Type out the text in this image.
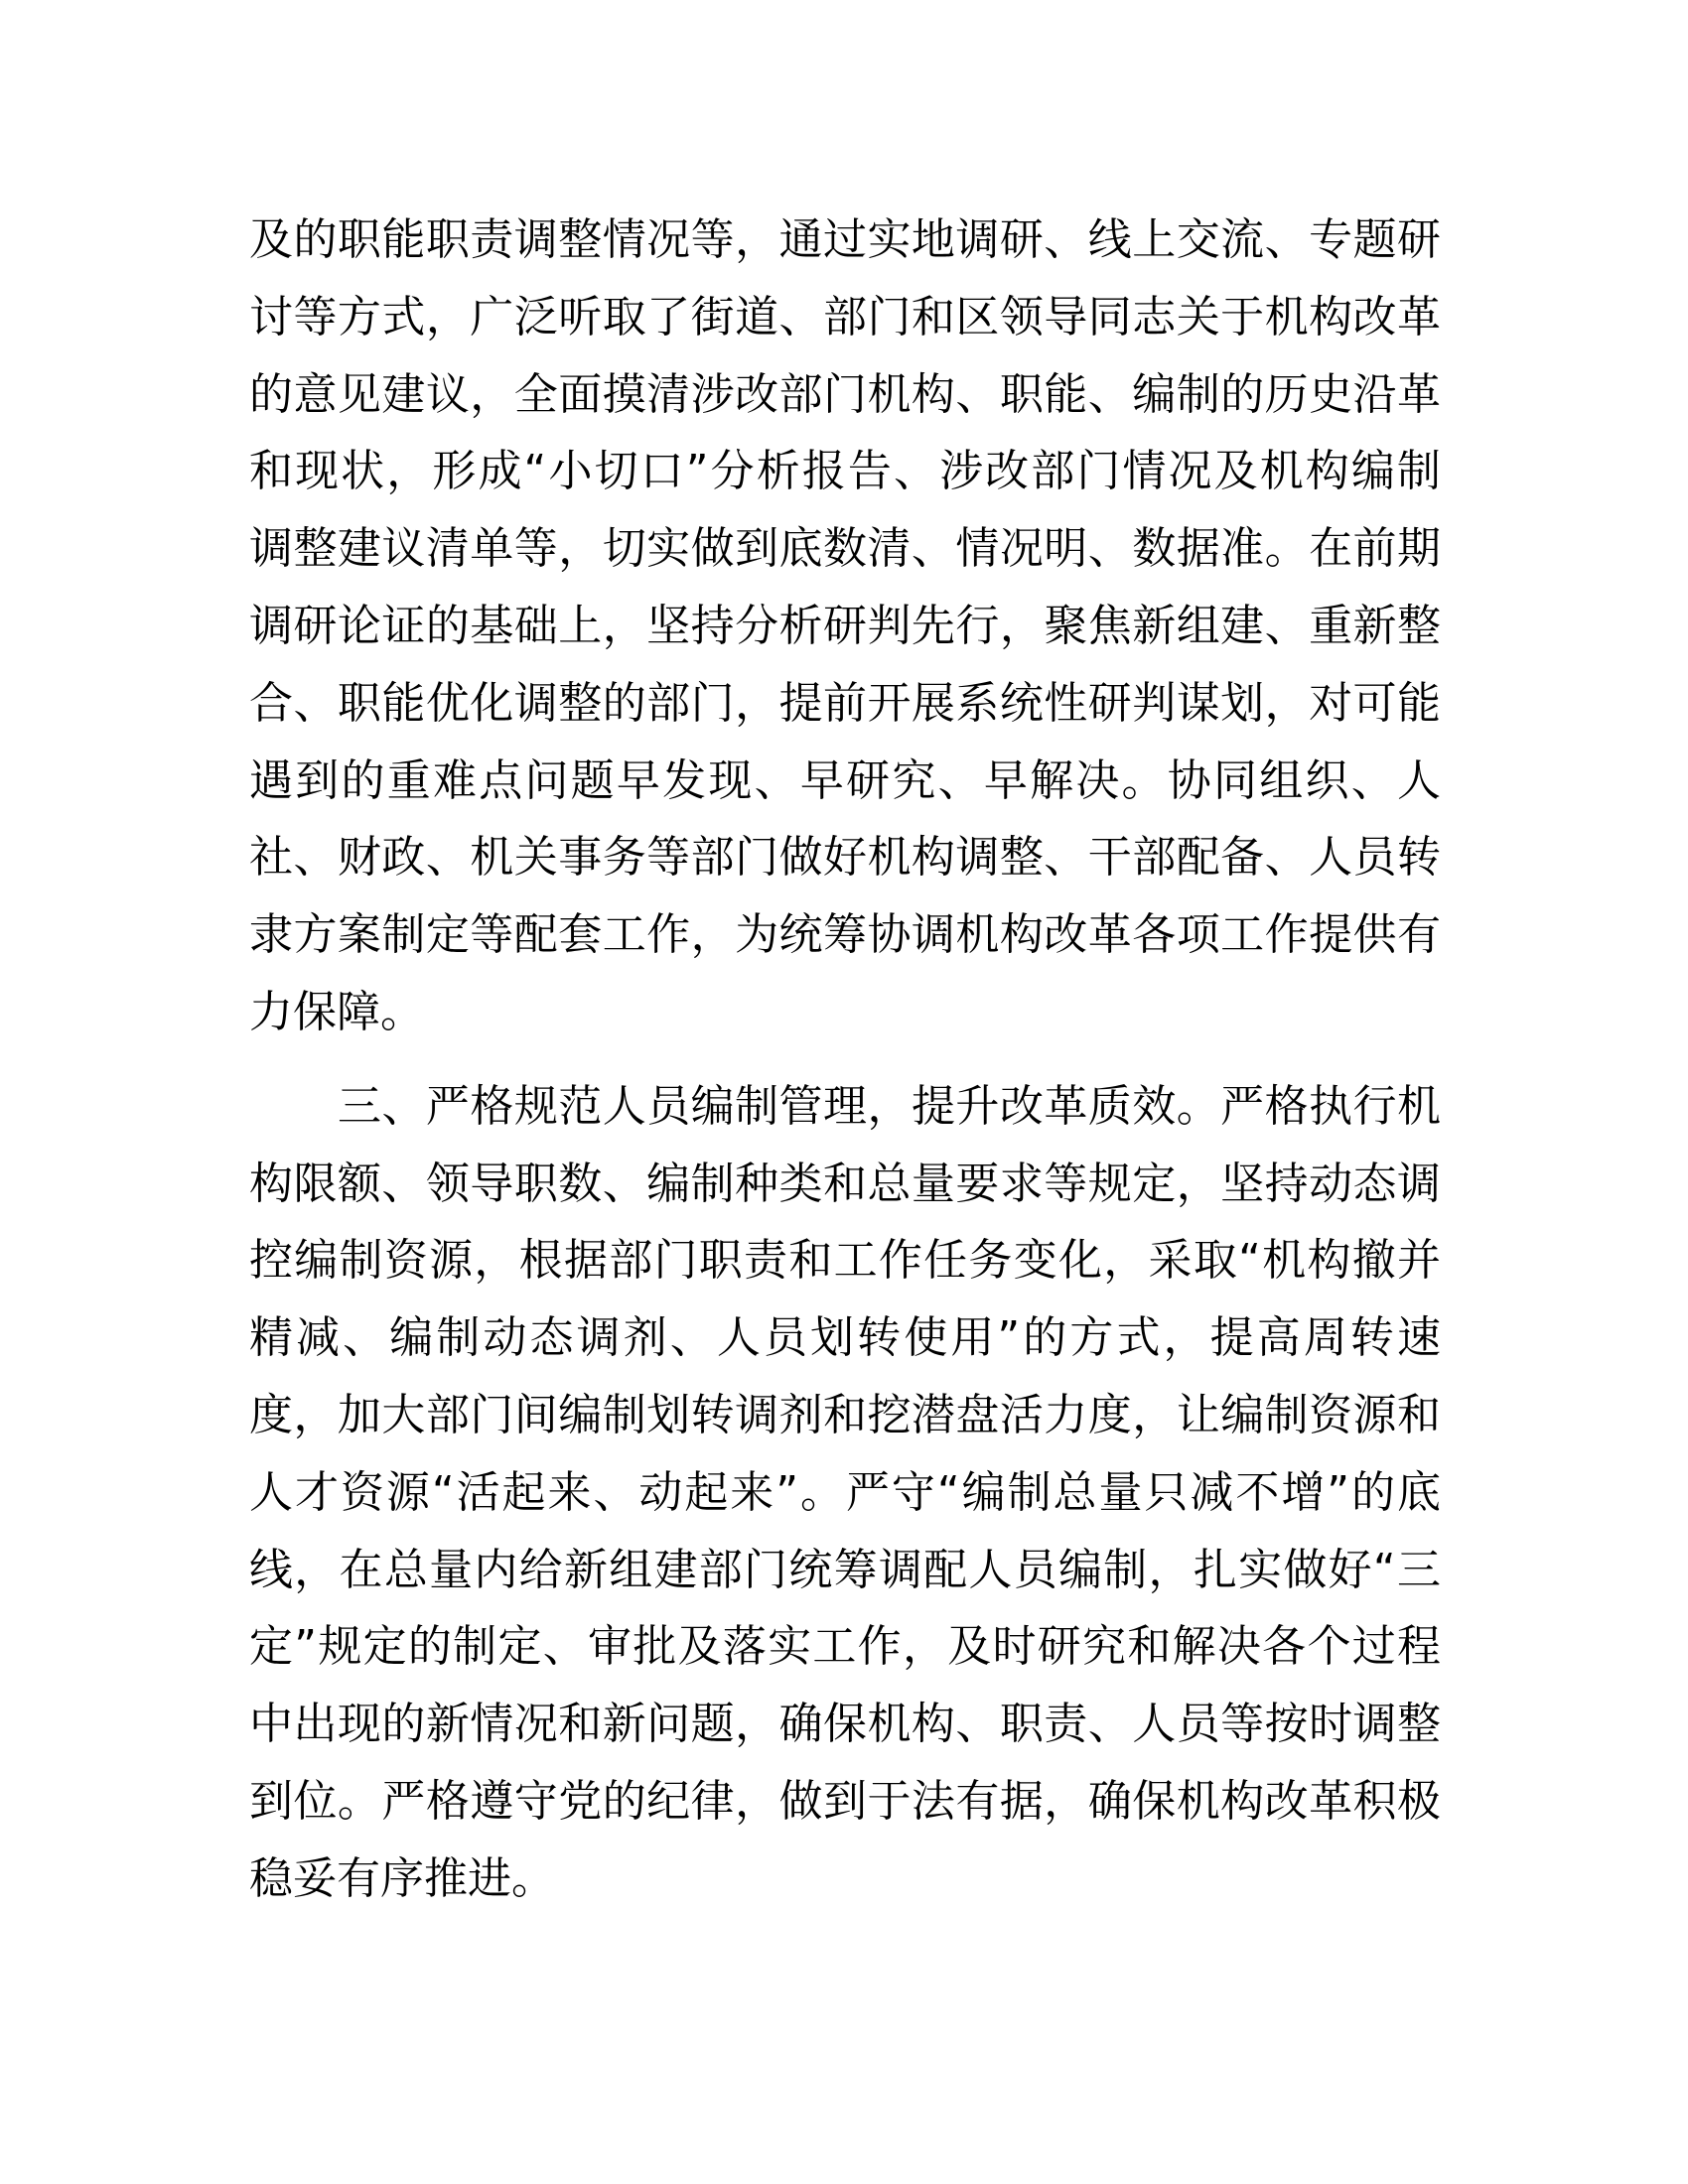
及的职能职责调整情况等，通过实地调研、线上交流、专题研
讨等方式，广泛听取了街道、部门和区领导同志关于机构改革
的意见建议，全面摸清涉改部门机构、职能、编制的历史沿革
和现状，形成“小切口”分析报告、涉改部门情况及机构编制
调整建议清单等，切实做到底数清、情况明、数据准。在前期
调研论证的基础上，坚持分析研判先行，聚焦新组建、重新整
合、职能优化调整的部门，提前开展系统性研判谋划，对可能
遇到的重难点问题早发现、早研究、早解决。协同组织、人
社、财政、机关事务等部门做好机构调整、干部配备、人员转
隶方案制定等配套工作，为统筹协调机构改革各项工作提供有
力保障。
三、严格规范人员编制管理，提升改革质效。严格执行机
构限额、领导职数、编制种类和总量要求等规定，坚持动态调
控编制资源，根据部门职责和工作任务变化，采取“机构撤并
精减、编制动态调剂、人员划转使用”的方式，提高周转速
度，加大部门间编制划转调剂和挖潜盘活力度，让编制资源和
人才资源“活起来、动起来”。严守“编制总量只减不增”的底
线，在总量内给新组建部门统筹调配人员编制，扎实做好“三
定”规定的制定、审批及落实工作，及时研究和解决各个过程
中出现的新情况和新问题，确保机构、职责、人员等按时调整
到位。严格遵守党的纪律，做到于法有据，确保机构改革积极
稳妥有序推进。
